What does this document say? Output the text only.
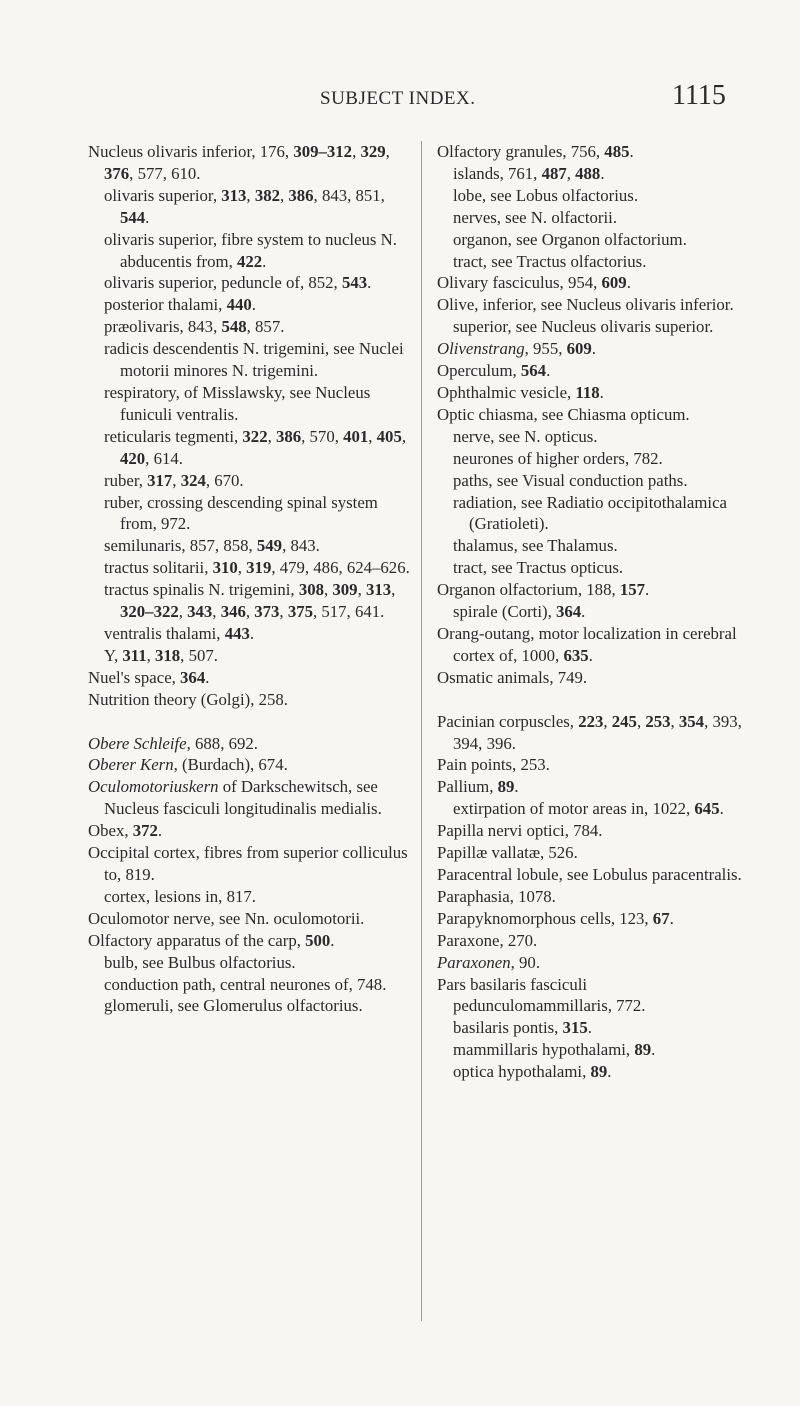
SUBJECT INDEX.	1115
Nucleus olivaris inferior, 176, 309–312, 329, 376, 577, 610.
olivaris superior, 313, 382, 386, 843, 851, 544.
olivaris superior, fibre system to nucleus N. abducentis from, 422.
olivaris superior, peduncle of, 852, 543.
posterior thalami, 440.
præolivaris, 843, 548, 857.
radicis descendentis N. trigemini, see Nuclei motorii minores N. trigemini.
respiratory, of Misslawsky, see Nucleus funiculi ventralis.
reticularis tegmenti, 322, 386, 570, 401, 405, 420, 614.
ruber, 317, 324, 670.
ruber, crossing descending spinal system from, 972.
semilunaris, 857, 858, 549, 843.
tractus solitarii, 310, 319, 479, 486, 624–626.
tractus spinalis N. trigemini, 308, 309, 313, 320–322, 343, 346, 373, 375, 517, 641.
ventralis thalami, 443.
Y, 311, 318, 507.
Nuel's space, 364.
Nutrition theory (Golgi), 258.
Obere Schleife, 688, 692.
Oberer Kern, (Burdach), 674.
Oculomotoriuskern of Darkschewitsch, see Nucleus fasciculi longitudinalis medialis.
Obex, 372.
Occipital cortex, fibres from superior colliculus to, 819.
cortex, lesions in, 817.
Oculomotor nerve, see Nn. oculomotorii.
Olfactory apparatus of the carp, 500.
bulb, see Bulbus olfactorius.
conduction path, central neurones of, 748.
glomeruli, see Glomerulus olfactorius.
Olfactory granules, 756, 485.
islands, 761, 487, 488.
lobe, see Lobus olfactorius.
nerves, see N. olfactorii.
organon, see Organon olfactorium.
tract, see Tractus olfactorius.
Olivary fasciculus, 954, 609.
Olive, inferior, see Nucleus olivaris inferior.
superior, see Nucleus olivaris superior.
Olivenstrang, 955, 609.
Operculum, 564.
Ophthalmic vesicle, 118.
Optic chiasma, see Chiasma opticum.
nerve, see N. opticus.
neurones of higher orders, 782.
paths, see Visual conduction paths.
radiation, see Radiatio occipitothalamica (Gratioleti).
thalamus, see Thalamus.
tract, see Tractus opticus.
Organon olfactorium, 188, 157.
spirale (Corti), 364.
Orang-outang, motor localization in cerebral cortex of, 1000, 635.
Osmatic animals, 749.
Pacinian corpuscles, 223, 245, 253, 354, 393, 394, 396.
Pain points, 253.
Pallium, 89.
extirpation of motor areas in, 1022, 645.
Papilla nervi optici, 784.
Papillæ vallatæ, 526.
Paracentral lobule, see Lobulus paracentralis.
Paraphasia, 1078.
Parapyknomorphous cells, 123, 67.
Paraxone, 270.
Paraxonen, 90.
Pars basilaris fasciculi pedunculomammillaris, 772.
basilaris pontis, 315.
mammillaris hypothalami, 89.
optica hypothalami, 89.
